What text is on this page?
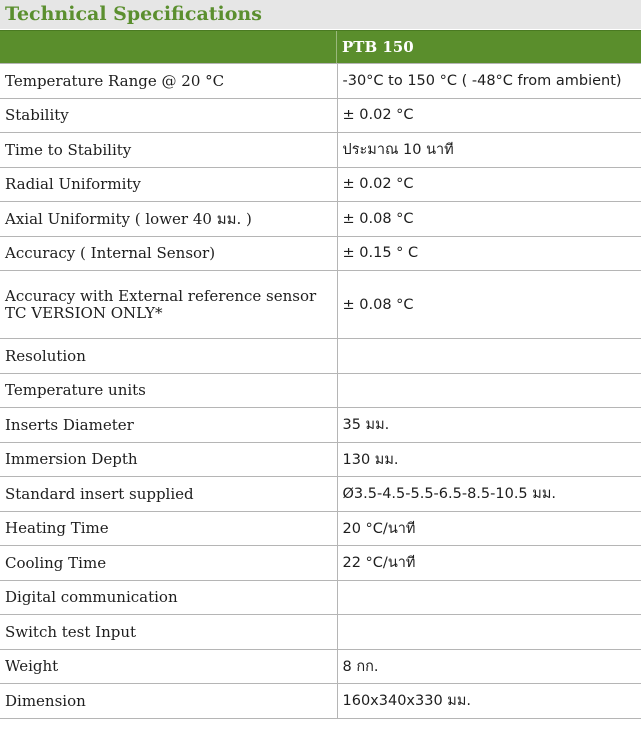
Technical Specifications
PTB 150
Temperature Range @ 20 °C	-30°C to 150 °C ( -48°C from ambient)
Stability	± 0.02 °C
Time to Stability	ประมาณ 10 นาที
Radial Uniformity	± 0.02 °C
Axial Uniformity ( lower 40 มม. )	± 0.08 °C
Accuracy ( Internal Sensor)	± 0.15 ° C

Accuracy with External reference sensor
TC VERSION ONLY*	± 0.08 °C
Resolution	
Temperature units	
Inserts Diameter	35 มม.
Immersion Depth	130 มม.
Standard insert supplied	Ø3.5-4.5-5.5-6.5-8.5-10.5 มม.
Heating Time	20 °C/นาที
Cooling Time	22 °C/นาที
Digital communication	
Switch test Input	
Weight	8 กก.
Dimension	160x340x330 มม.
